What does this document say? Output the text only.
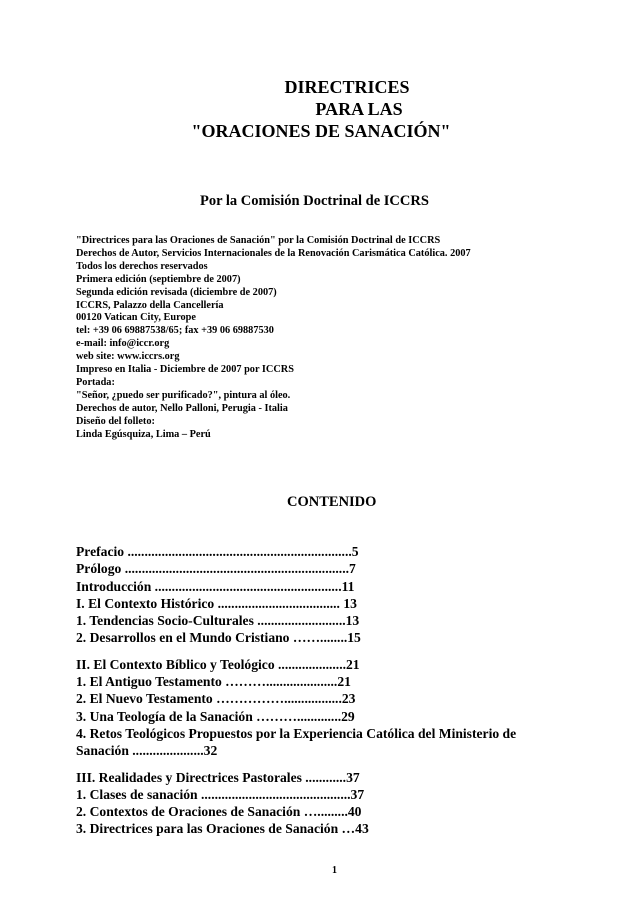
DIRECTRICES
PARA LAS
"ORACIONES DE SANACIÓN"
Por la Comisión Doctrinal de ICCRS
"Directrices para las Oraciones de Sanación" por la Comisión Doctrinal de ICCRS
Derechos de Autor, Servicios Internacionales de la Renovación Carismática Católica. 2007
Todos los derechos reservados
Primera edición (septiembre de 2007)
Segunda edición revisada (diciembre de 2007)
ICCRS, Palazzo della Cancellería
00120 Vatican City, Europe
tel: +39 06 69887538/65; fax +39 06 69887530
e-mail: info@iccr.org
web site: www.iccrs.org
Impreso en Italia - Diciembre de 2007 por ICCRS
Portada:
"Señor, ¿puedo ser purificado?", pintura al óleo.
Derechos de autor, Nello Palloni, Perugia - Italia
Diseño del folleto:
Linda Egúsquiza, Lima – Perú
CONTENIDO
Prefacio ..................................................................5
Prólogo ..................................................................7
Introducción .......................................................11
I. El Contexto Histórico .................................... 13
1. Tendencias Socio-Culturales ..........................13
2. Desarrollos en el Mundo Cristiano ……........15
II. El Contexto Bíblico y Teológico ....................21
1. El Antiguo Testamento ……….....................21
2. El Nuevo Testamento …………….................23
3. Una Teología de la Sanación ……….............29
4. Retos Teológicos Propuestos por la Experiencia Católica del Ministerio de
Sanación .....................32
III. Realidades y Directrices Pastorales ............37
1. Clases de sanación ............................................37
2. Contextos de Oraciones de Sanación ….........40
3. Directrices para las Oraciones de Sanación …43
1
